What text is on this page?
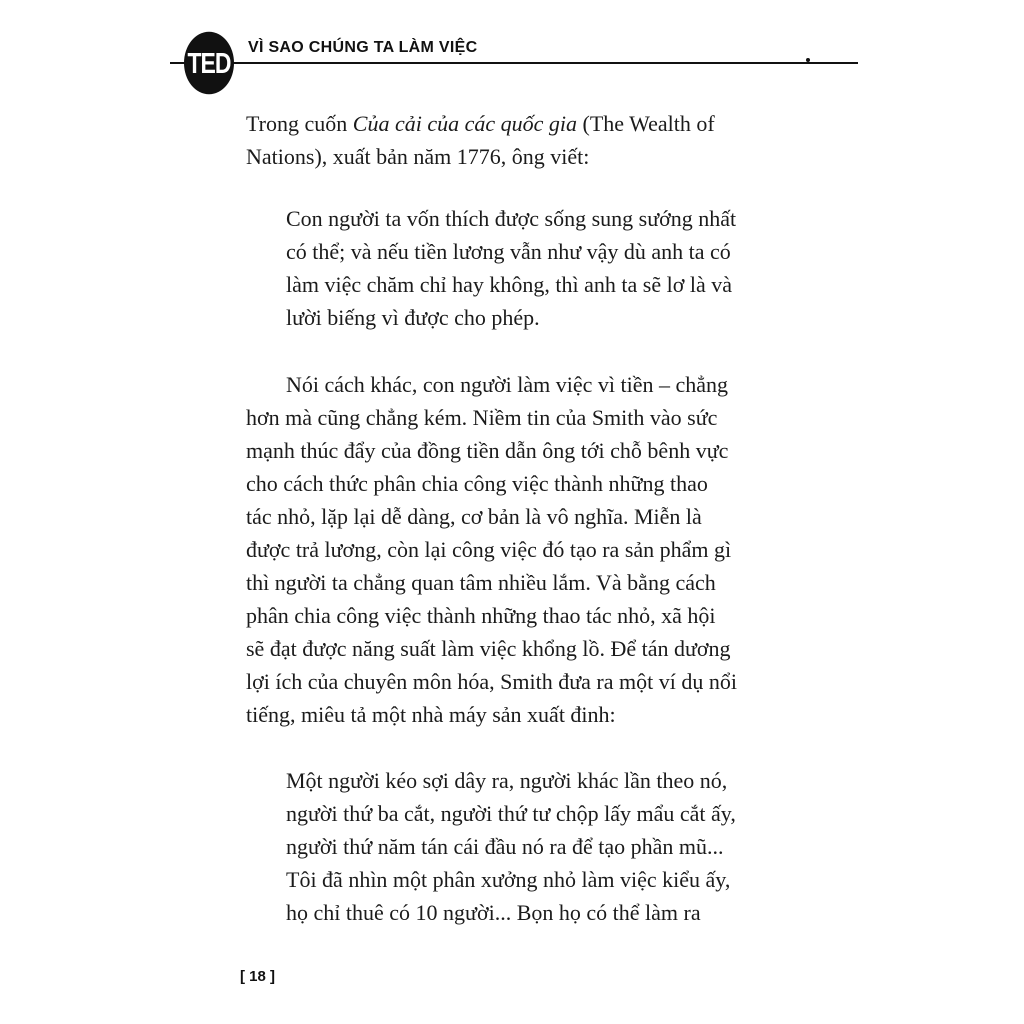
TED VÌ SAO CHÚNG TA LÀM VIỆC

Trong cuốn Của cải của các quốc gia (The Wealth of
Nations), xuất bản năm 1776, ông viết:

Con người ta vốn thích được sống sung sướng nhất
có thể; và nếu tiền lương vẫn như vậy dù anh ta có
làm việc chăm chỉ hay không, thì anh ta sẽ lơ là và
lười biếng vì được cho phép.

Nói cách khác, con người làm việc vì tiền – chẳng
hơn mà cũng chẳng kém. Niềm tin của Smith vào sức
mạnh thúc đẩy của đồng tiền dẫn ông tới chỗ bênh vực
cho cách thức phân chia công việc thành những thao
tác nhỏ, lặp lại dễ dàng, cơ bản là vô nghĩa. Miễn là
được trả lương, còn lại công việc đó tạo ra sản phẩm gì
thì người ta chẳng quan tâm nhiều lắm. Và bằng cách
phân chia công việc thành những thao tác nhỏ, xã hội
sẽ đạt được năng suất làm việc khổng lồ. Để tán dương
lợi ích của chuyên môn hóa, Smith đưa ra một ví dụ nổi
tiếng, miêu tả một nhà máy sản xuất đinh:

Một người kéo sợi dây ra, người khác lần theo nó,
người thứ ba cắt, người thứ tư chộp lấy mẩu cắt ấy,
người thứ năm tán cái đầu nó ra để tạo phần mũ...
Tôi đã nhìn một phân xưởng nhỏ làm việc kiểu ấy,
họ chỉ thuê có 10 người... Bọn họ có thể làm ra

[ 18 ]
